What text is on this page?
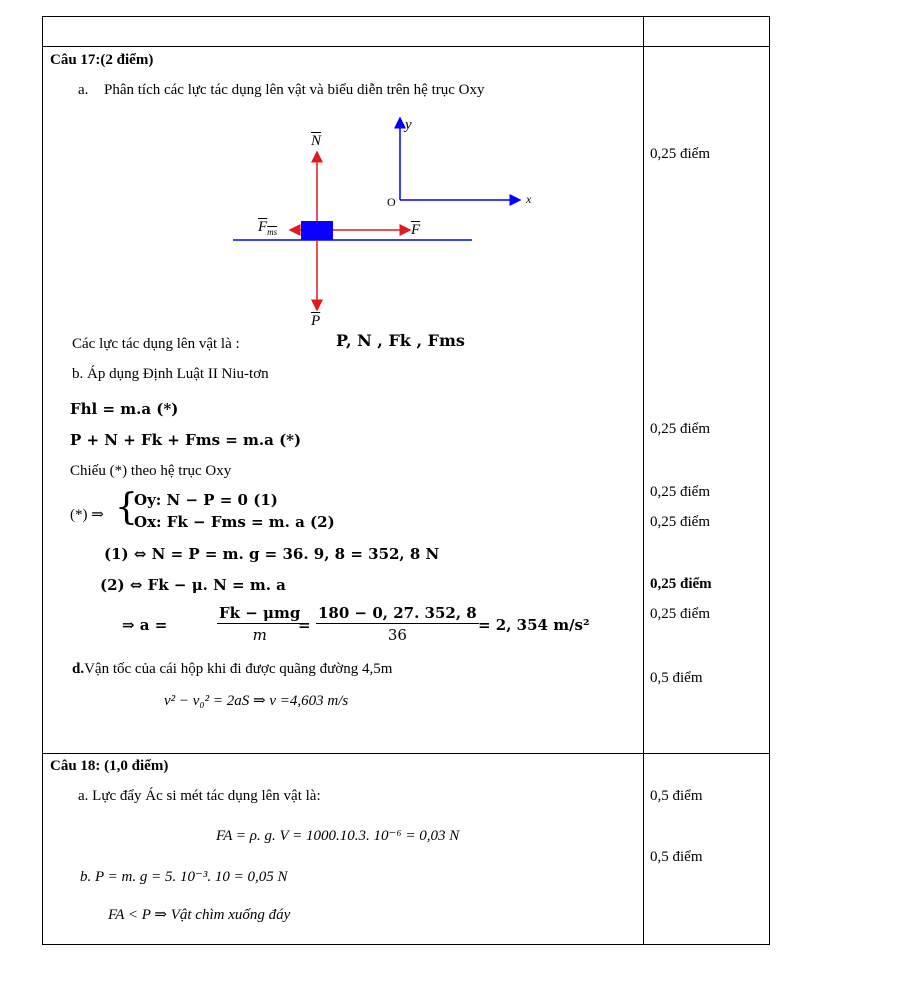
Câu 17:(2 điểm)
a. Phân tích các lực tác dụng lên vật và biểu diễn trên hệ trục Oxy
y
x
O
$\overline{N}$
$\overline{F}$
$F_{ms}$
$\overline{P}$
Các lực tác dụng lên vật là :	P, N , Fk , Fms
b. Áp dụng Định Luật II Niu-tơn
Fhl = m.a (*)
P + N + Fk + Fms = m.a (*)
Chiếu (*) theo hệ trục Oxy
(*) ⇒ {
Oy: N − P = 0 (1)
Ox: Fk − Fms = m. a (2)
(1) ⇔ N = P = m. g = 36. 9, 8 = 352, 8 N
(2) ⇔ Fk − μ. N = m. a
⇒ a =
Fk − μmg
m
= $\frac{180 - 0, 27. 352, 8}{36} = 2$, 354 m/s²
d.Vận tốc của cái hộp khi đi được quãng đường 4,5m
v² − v₀² = 2aS ⇒ v =4,603 m/s
Câu 18: (1,0 điểm)
a. Lực đẩy Ác si mét tác dụng lên vật là:
FA = ρ. g. V = 1000.10.3. 10⁻⁶ = 0,03 N
b. P = m. g = 5. 10⁻³. 10 = 0,05 N
FA < P ⇒ Vật chìm xuống đáy
0,25 điểm
0,25 điểm
0,25 điểm
0,25 điểm
0,25 điểm
0,25 điểm
0,5 điểm
0,5 điểm
0,5 điểm
